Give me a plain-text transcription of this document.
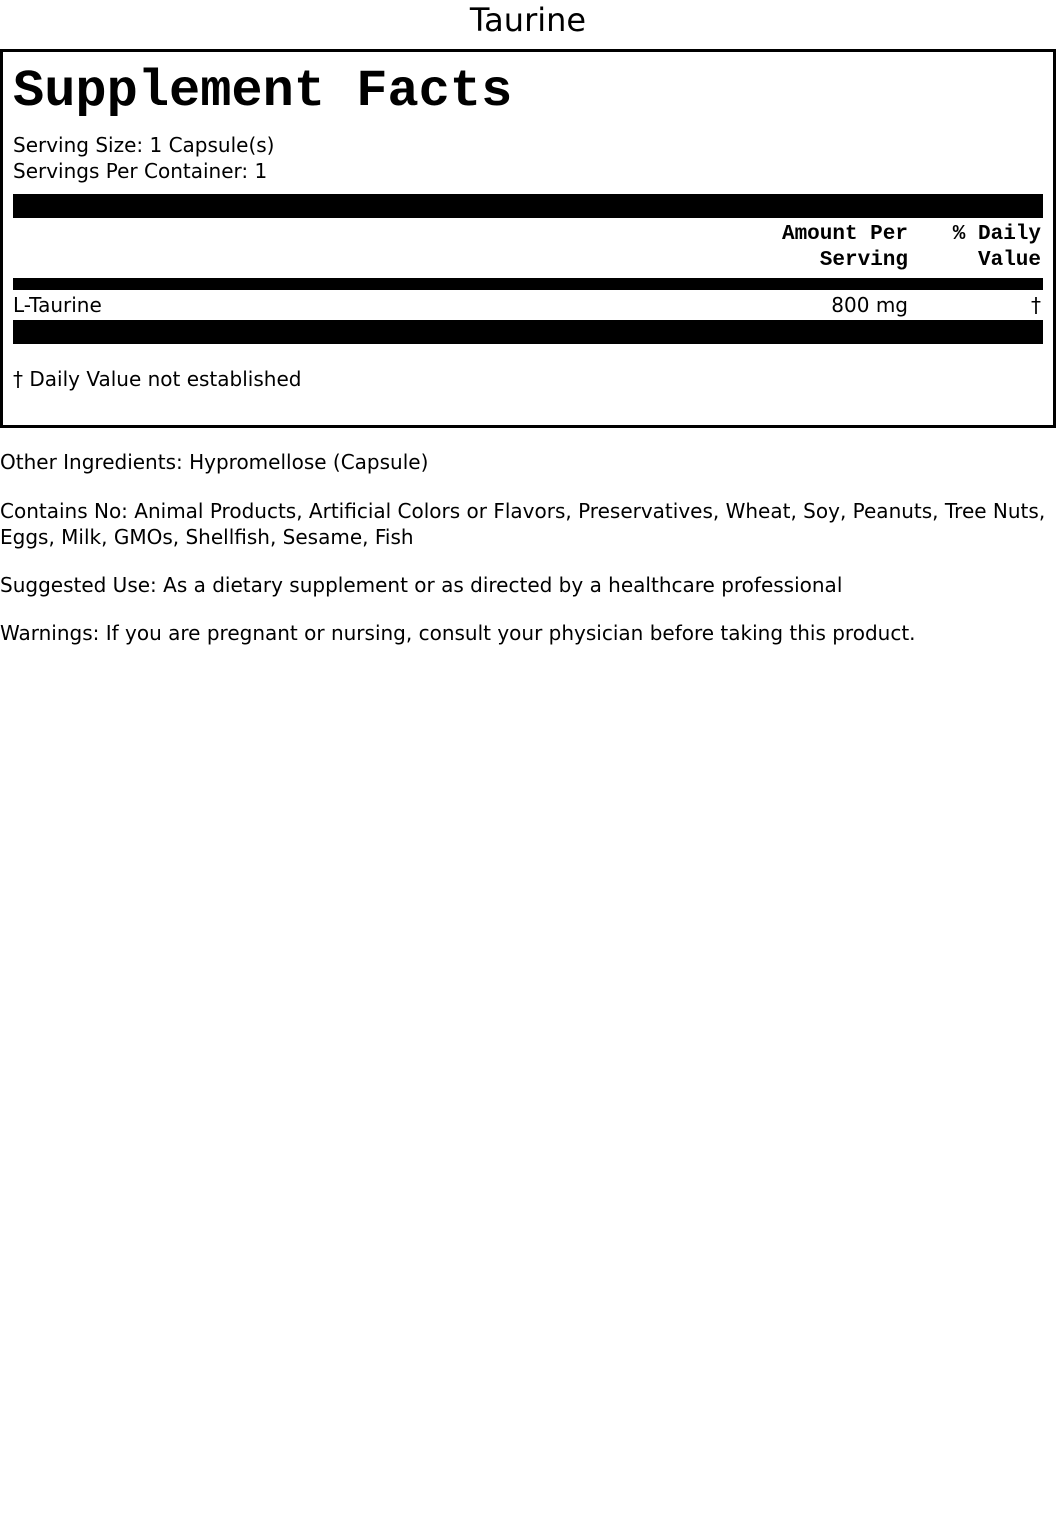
Taurine
Supplement Facts
Serving Size: 1 Capsule(s)
Servings Per Container: 1
Amount Per
Serving
% Daily
Value
L-Taurine	800 mg	†
† Daily Value not established
Other Ingredients: Hypromellose (Capsule)
Contains No: Animal Products, Artificial Colors or Flavors, Preservatives, Wheat, Soy, Peanuts, Tree Nuts, Eggs, Milk, GMOs, Shellfish, Sesame, Fish
Suggested Use: As a dietary supplement or as directed by a healthcare professional
Warnings: If you are pregnant or nursing, consult your physician before taking this product.
